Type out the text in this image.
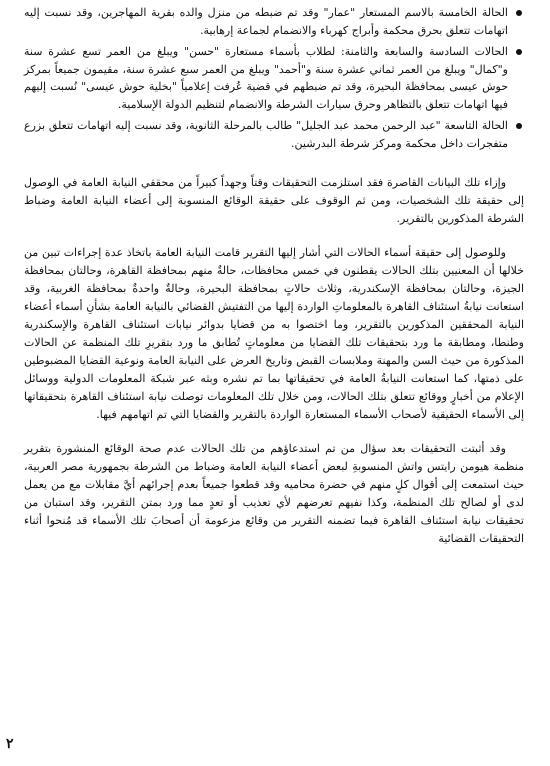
الحالة الخامسة بالاسم المستعار "عمار" وقد تم ضبطه من منزل والده بقرية المهاجرين، وقد نسبت إليه اتهامات تتعلق بحرق محكمة وأبراج كهرباء والانضمام لجماعة إرهابية.
الحالات السادسة والسابعة والثامنة: لطلاب بأسماء مستعارة "حسن" ويبلغ من العمر تسع عشرة سنة و"كمال" ويبلغ من العمر ثماني عشرة سنة و"أحمد" ويبلغ من العمر سبع عشرة سنة، مقيمون جميعاً بمركز حوش عيسى بمحافظة البحيرة، وقد تم ضبطهم في قضية عُرفت إعلامياً "بخلية حوش عيسى" نُسبت إليهم فيها اتهامات تتعلق بالتظاهر وحرق سيارات الشرطة والانضمام لتنظيم الدولة الإسلامية.
الحالة التاسعة "عبد الرحمن محمد عبد الجليل" طالب بالمرحلة الثانوية، وقد نسبت إليه اتهامات تتعلق بزرع متفجرات داخل محكمة ومركز شرطة البدرشين.

وإزاء تلك البيانات القاصرة فقد استلزمت التحقيقات وقتاً وجهداً كبيراً من محققي النيابة العامة في الوصول إلى حقيقة تلك الشخصيات، ومن ثم الوقوف على حقيقة الوقائع المنسوبة إلى أعضاء النيابة العامة وضباط الشرطة المذكورين بالتقرير.

وللوصول إلى حقيقة أسماء الحالات التي أشار إليها التقرير قامت النيابة العامة باتخاذ عدة إجراءات تبين من خلالها أن المعنيين بتلك الحالات يقطنون في خمس محافظات، حالةٌ منهم بمحافظة القاهرة، وحالتان بمحافظة الجيزة، وحالتان بمحافظة الإسكندرية، وثلاث حالاتٍ بمحافظة البحيرة، وحالةٌ واحدةٌ بمحافظة الغربية، وقد استعانت نيابةُ استئناف القاهرة بالمعلوماتِ الواردة إليها من التفتيش القضائي بالنيابة العامة بشأنِ أسماء أعضاء النيابة المحققين المذكورين بالتقرير، وما اختصوا به من قضايا بدوائر نيابات استئناف القاهرة والإسكندرية وطنطا، ومطابقة ما ورد بتحقيقات تلك القضايا من معلوماتٍ تُطابق ما ورد بتقريرِ تلك المنظمة عن الحالات المذكورة من حيث السن والمهنة وملابسات القبض وتاريخ العرض على النيابة العامة ونوعية القضايا المضبوطين على ذمتها، كما استعانت النيابةُ العامة في تحقيقاتها بما تم نشره وبثه عبر شبكة المعلومات الدولية ووسائل الإعلام من أخبارٍ ووقائع تتعلق بتلك الحالات، ومن خلال تلك المعلومات توصلت نيابة استئناف القاهرة بتحقيقاتها إلى الأسماء الحقيقية لأصحاب الأسماء المستعارة الواردة بالتقرير والقضايا التي تم اتهامهم فيها.

وقد أثبتت التحقيقات بعد سؤال من تم استدعاؤهم من تلك الحالات عدم صحة الوقائع المنشورة بتقرير منظمة هيومن رايتس واتش المنسوبةِ لبعض أعضاء النيابة العامة وضباط من الشرطة بجمهورية مصر العربية، حيث استمعت إلى أقوال كلٍ منهم في حضرة محاميه وقد قطعوا جميعاً بعدم إجرائهم أيَّ مقابلات مع من يعمل لدى أو لصالح تلك المنظمة، وكذا نفيهم تعرضهم لأي تعذيب أو تعدٍ مما ورد بمتن التقرير، وقد استبان من تحقيقات نيابة استئناف القاهرة فيما تضمنه التقرير من وقائع مزعومة أن أصحابَ تلك الأسماء قد مُنحوا أثناء التحقيقات القضائية

٢
